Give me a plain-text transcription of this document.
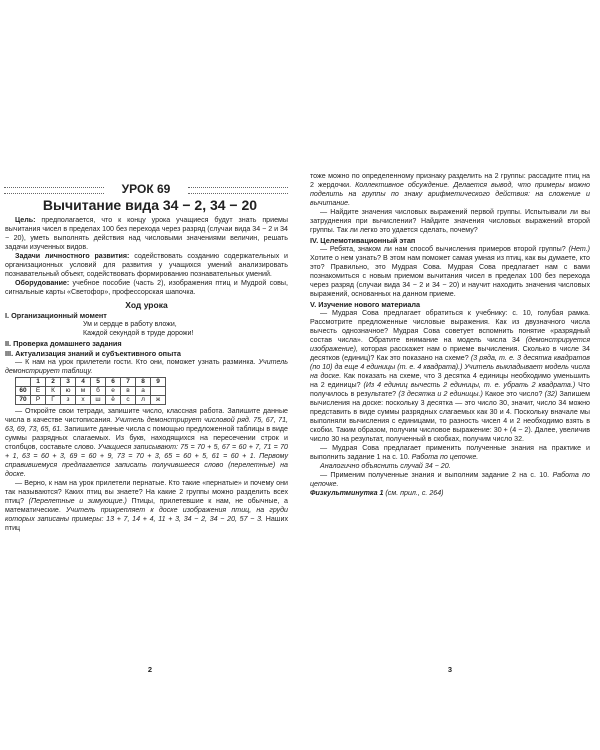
УРОК 69
Вычитание вида 34 − 2, 34 − 20

Цель: предполагается, что к концу урока учащиеся будут знать приемы вычитания чисел в пределах 100 без перехода через разряд (случаи вида 34 − 2 и 34 − 20), уметь выполнять действия над числовыми значениями величин, решать задачи изученных видов.

Задачи личностного развития: содействовать созданию содержательных и организационных условий для развития у учащихся умений анализировать познавательный объект, содействовать формированию познавательных умений.

Оборудование: учебное пособие (часть 2), изображения птиц и Мудрой совы, сигнальные карты «Светофор», профессорская шапочка.

Ход урока
I. Организационный момент
Ум и сердце в работу вложи,
Каждой секундой в труде дорожи!
II. Проверка домашнего задания
III. Актуализация знаний и субъективного опыта

— К нам на урок прилетели гости. Кто они, поможет узнать разминка. Учитель демонстрирует таблицу.

	1	2	3	4	5	6	7	8	9
60	Е	К	ю	м	б	е	в	а	
70	Р	Г	з	х	ш	ё	с	л	ж

— Откройте свои тетради, запишите число, классная работа. Запишите данные числа в качестве чистописания. Учитель демонстрирует числовой ряд. 75, 67, 71, 63, 69, 73, 65, 61. Запишите данные числа с помощью предложенной таблицы в виде суммы разрядных слагаемых. Из букв, находящихся на пересечении строк и столбцов, составьте слово. Учащиеся записывают: 75 = 70 + 5, 67 = 60 + 7, 71 = 70 + 1, 63 = 60 + 3, 69 = 60 + 9, 73 = 70 + 3, 65 = 60 + 5, 61 = 60 + 1. Первому справившемуся предлагается записать получившееся слово (перелетные) на доске.

— Верно, к нам на урок прилетели пернатые. Кто такие «пернатые» и почему они так называются? Каких птиц вы знаете? На какие 2 группы можно разделить всех птиц? (Перелетные и зимующие.) Птицы, прилетевшие к нам, не обычные, а математические. Учитель прикрепляет к доске изображения птиц, на груди которых записаны примеры: 13 + 7, 14 + 4, 11 + 3, 34 − 2, 34 − 20, 57 − 3. Наших птиц

2

тоже можно по определенному признаку разделить на 2 группы: рассадите птиц на 2 жердочки. Коллективное обсуждение. Делается вывод, что примеры можно поделить на группы по знаку арифметического действия: на сложение и вычитание.

— Найдите значения числовых выражений первой группы. Испытывали ли вы затруднения при вычислении? Найдите значения числовых выражений второй группы. Так ли легко это удается сделать, почему?

IV. Целемотивационный этап

— Ребята, знаком ли нам способ вычисления примеров второй группы? (Нет.) Хотите о нем узнать? В этом нам поможет самая умная из птиц, как вы думаете, кто это? Правильно, это Мудрая Сова. Мудрая Сова предлагает нам с вами познакомиться с новым приемом вычитания чисел в пределах 100 без перехода через разряд (случаи вида 34 − 2 и 34 − 20) и научит находить значения числовых выражений, основанных на данном приеме.

V. Изучение нового материала

— Мудрая Сова предлагает обратиться к учебнику: с. 10, голубая рамка. Рассмотрите предложенные числовые выражения. Как из двузначного числа вычесть однозначное? Мудрая Сова советует вспомнить понятие «разрядный состав числа». Обратите внимание на модель числа 34 (демонстрируется изображение), которая расскажет нам о приеме вычисления. Сколько в числе 34 десятков (единиц)? Как это показано на схеме? (3 ряда, т. е. 3 десятка квадратов (по 10) да еще 4 единицы (т. е. 4 квадрата).) Учитель выкладывает модель числа на доске. Как показать на схеме, что 3 десятка 4 единицы необходимо уменьшить на 2 единицы? (Из 4 единиц вычесть 2 единицы, т. е. убрать 2 квадрата.) Что получилось в результате? (3 десятка и 2 единицы.) Какое это число? (32) Запишем вычисления на доске: поскольку 3 десятка — это число 30, значит, число 34 можно представить в виде суммы разрядных слагаемых как 30 и 4. Поскольку вначале мы выполняли вычисления с единицами, то разность чисел 4 и 2 необходимо взять в скобки. Таким образом, получим числовое выражение: 30 + (4 − 2). Далее, увеличив число 30 на результат, полученный в скобках, получим число 32.

— Мудрая Сова предлагает применить полученные знания на практике и выполнить задание 1 на с. 10. Работа по цепочке.

Аналогично объяснить случай 34 − 20.

— Применим полученные знания и выполним задание 2 на с. 10. Работа по цепочке.

Физкультминутка 1 (см. прил., с. 264)

3
